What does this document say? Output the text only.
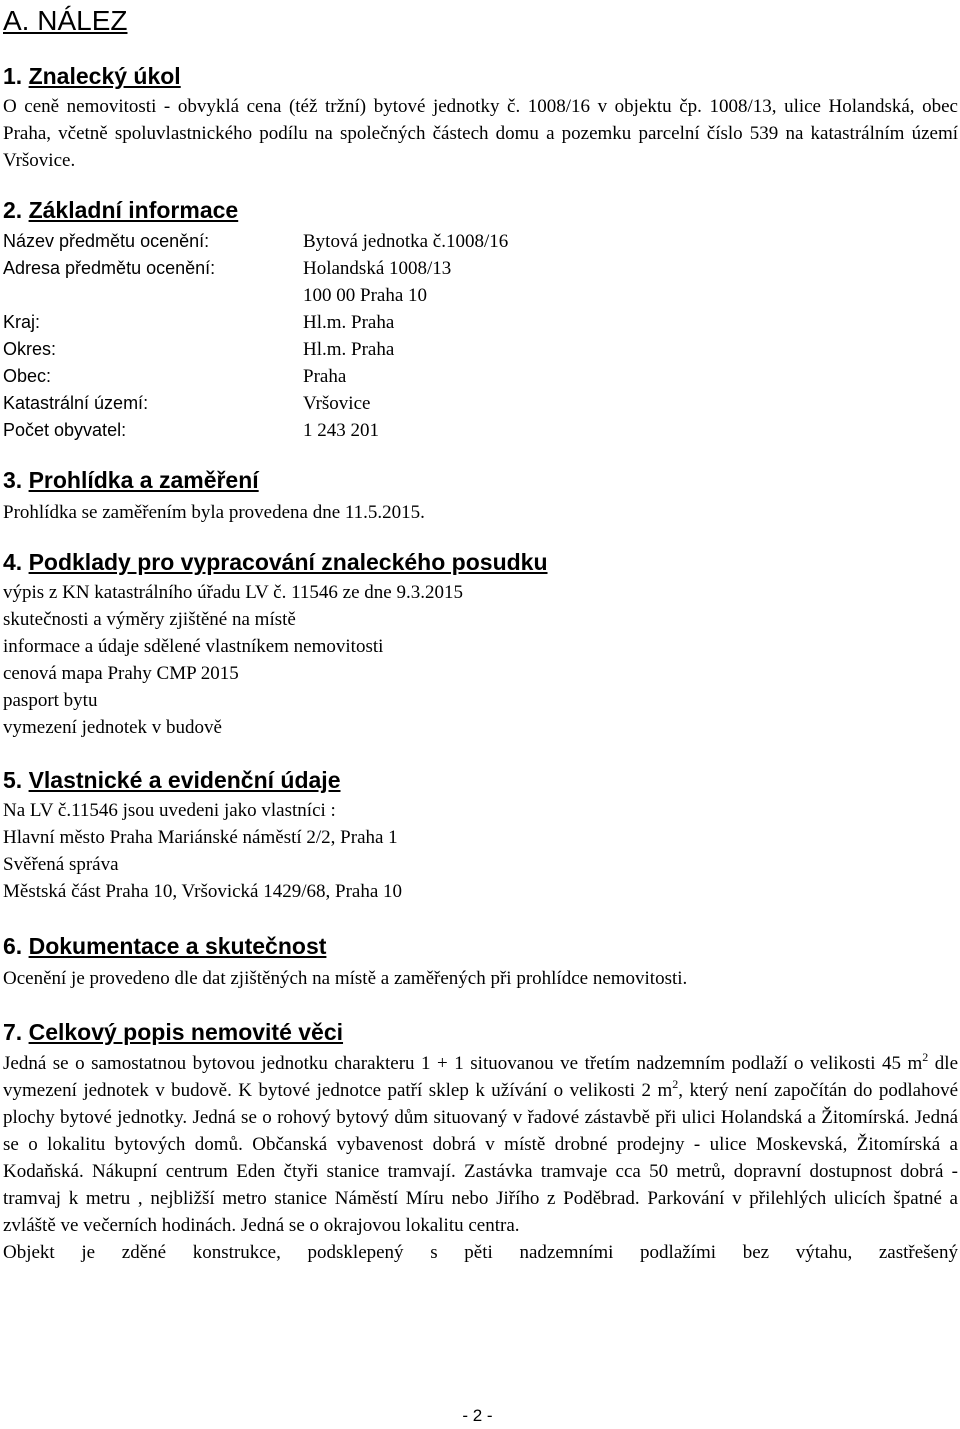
A. NÁLEZ
1. Znalecký úkol

O ceně nemovitosti - obvyklá cena (též tržní) bytové jednotky č. 1008/16 v objektu čp. 1008/13, ulice Holandská, obec Praha, včetně spoluvlastnického podílu na společných částech domu a pozemku parcelní číslo 539 na katastrálním území Vršovice.

2. Základní informace
Název předmětu ocenění:	Bytová jednotka č.1008/16
Adresa předmětu ocenění:	Holandská 1008/13
100 00 Praha 10
Kraj:	Hl.m. Praha
Okres:	Hl.m. Praha
Obec:	Praha
Katastrální území:	Vršovice
Počet obyvatel:	1 243 201
3. Prohlídka a zaměření

Prohlídka se zaměřením byla provedena dne 11.5.2015.

4. Podklady pro vypracování znaleckého posudku

výpis z KN katastrálního úřadu LV č. 11546 ze dne 9.3.2015

skutečnosti a výměry zjištěné na místě

informace a údaje sdělené vlastníkem nemovitosti

cenová mapa Prahy CMP 2015

pasport bytu

vymezení jednotek v budově

5. Vlastnické a evidenční údaje

Na LV č.11546 jsou uvedeni jako vlastníci :

Hlavní město Praha Mariánské náměstí 2/2, Praha 1

Svěřená správa

Městská část Praha 10, Vršovická 1429/68, Praha 10

6. Dokumentace a skutečnost

Ocenění je provedeno dle dat zjištěných na místě a zaměřených při prohlídce nemovitosti.

7. Celkový popis nemovité věci

Jedná se o samostatnou bytovou jednotku charakteru 1 + 1 situovanou ve třetím nadzemním podlaží o velikosti 45 $m^2$ dle vymezení jednotek v budově. K bytové jednotce patří sklep k užívání o velikosti 2 $m^2$, který není započítán do podlahové plochy bytové jednotky. Jedná se o rohový bytový dům situovaný v řadové zástavbě při ulici Holandská a Žitomírská. Jedná se o lokalitu bytových domů. Občanská vybavenost dobrá v místě drobné prodejny - ulice Moskevská, Žitomírská a Kodaňská. Nákupní centrum Eden čtyři stanice tramvají. Zastávka tramvaje cca 50 metrů, dopravní dostupnost dobrá - tramvaj k metru , nejbližší metro stanice Náměstí Míru nebo Jiřího z Poděbrad. Parkování v přilehlých ulicích špatné a zvláště ve večerních hodinách. Jedná se o okrajovou lokalitu centra.

Objekt je zděné konstrukce, podsklepený s pěti nadzemními podlažími bez výtahu, zastřešený

- 2 -
